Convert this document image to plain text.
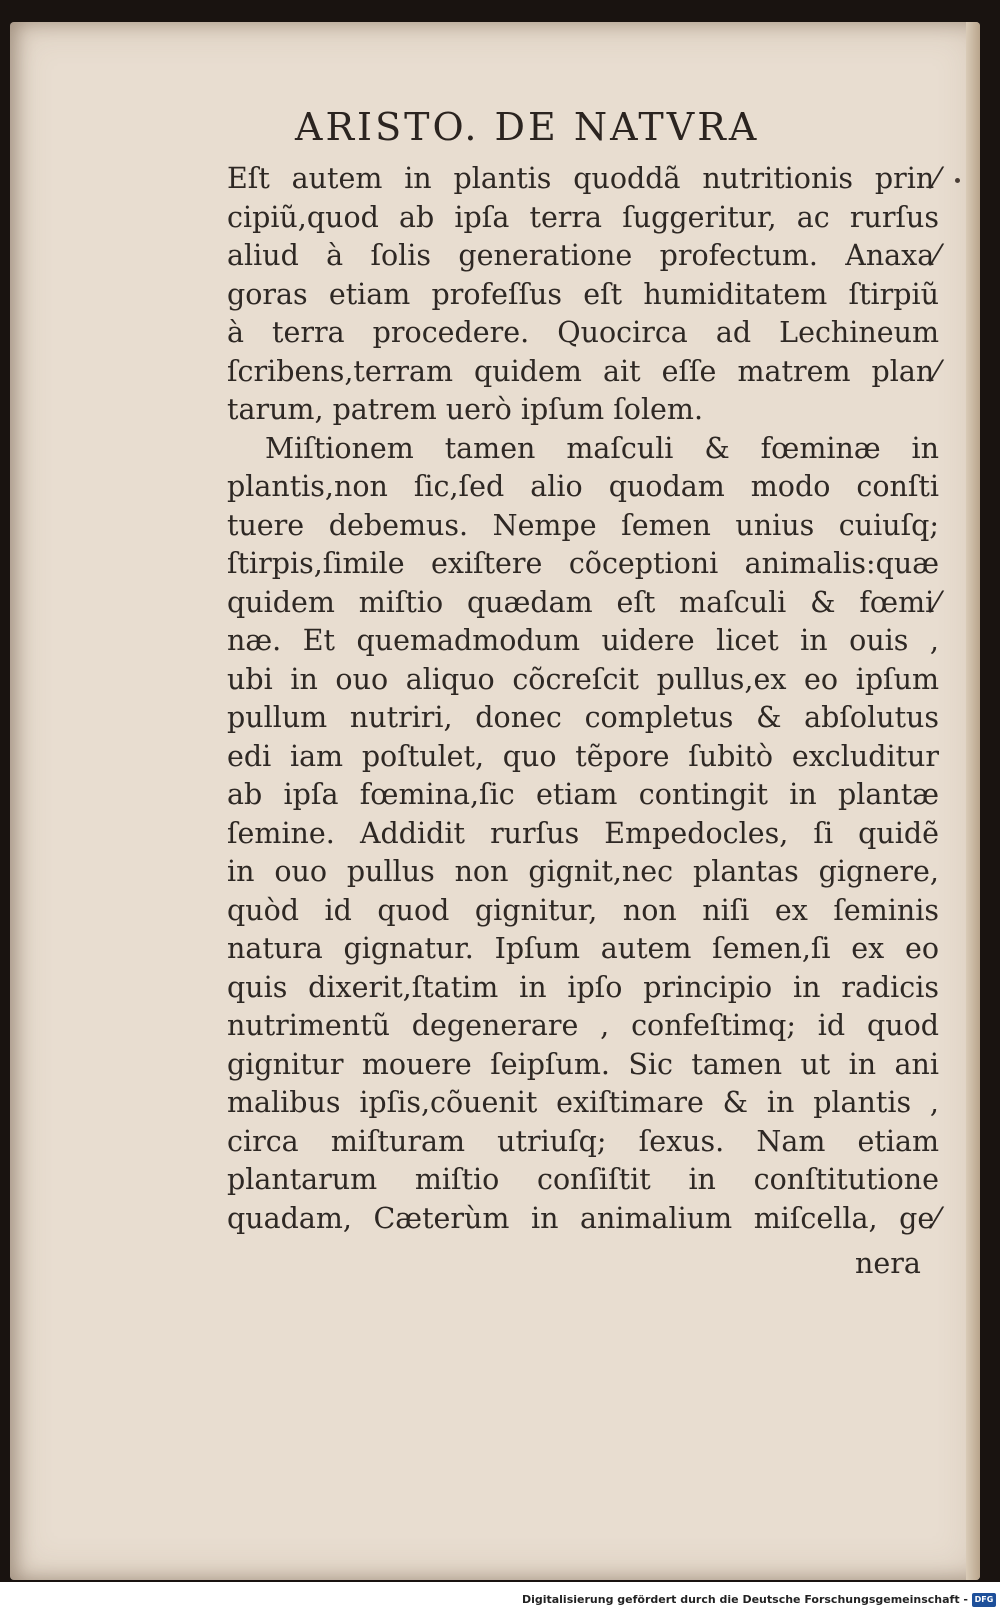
ARISTO. DE NATVRA
Eſt autem in plantis quoddã nutritionis prin⁄
cipiũ,quod ab ipſa terra ſuggeritur, ac rurſus
aliud à ſolis generatione profectum. Anaxa⁄
goras etiam profeſſus eſt humiditatem ſtirpiũ
à terra procedere. Quocirca ad Lechineum
ſcribens,terram quidem ait eſſe matrem plan⁄
tarum, patrem uerò ipſum ſolem.
Miſtionem tamen maſculi & fœminæ in
plantis,non ſic,ſed alio quodam modo conſti
tuere debemus. Nempe ſemen unius cuiuſq;
ſtirpis,ſimile exiſtere cõceptioni animalis:quæ
quidem miſtio quædam eſt maſculi & fœmi⁄
næ. Et quemadmodum uidere licet in ouis ,
ubi in ouo aliquo cõcreſcit pullus,ex eo ipſum
pullum nutriri, donec completus & abſolutus
edi iam poſtulet, quo tẽpore ſubitò excluditur
ab ipſa fœmina,ſic etiam contingit in plantæ
ſemine. Addidit rurſus Empedocles, ſi quidẽ
in ouo pullus non gignit,nec plantas gignere,
quòd id quod gignitur, non niſi ex ſeminis
natura gignatur. Ipſum autem ſemen,ſi ex eo
quis dixerit,ſtatim in ipſo principio in radicis
nutrimentũ degenerare , confeſtimq; id quod
gignitur mouere ſeipſum. Sic tamen ut in ani
malibus ipſis,cõuenit exiſtimare & in plantis ,
circa miſturam utriuſq; ſexus. Nam etiam
plantarum miſtio conſiſtit in conſtitutione
quadam, Cæterùm in animalium miſcella, ge⁄

nera

Digitalisierung gefördert durch die Deutsche Forschungsgemeinschaft - DFG
